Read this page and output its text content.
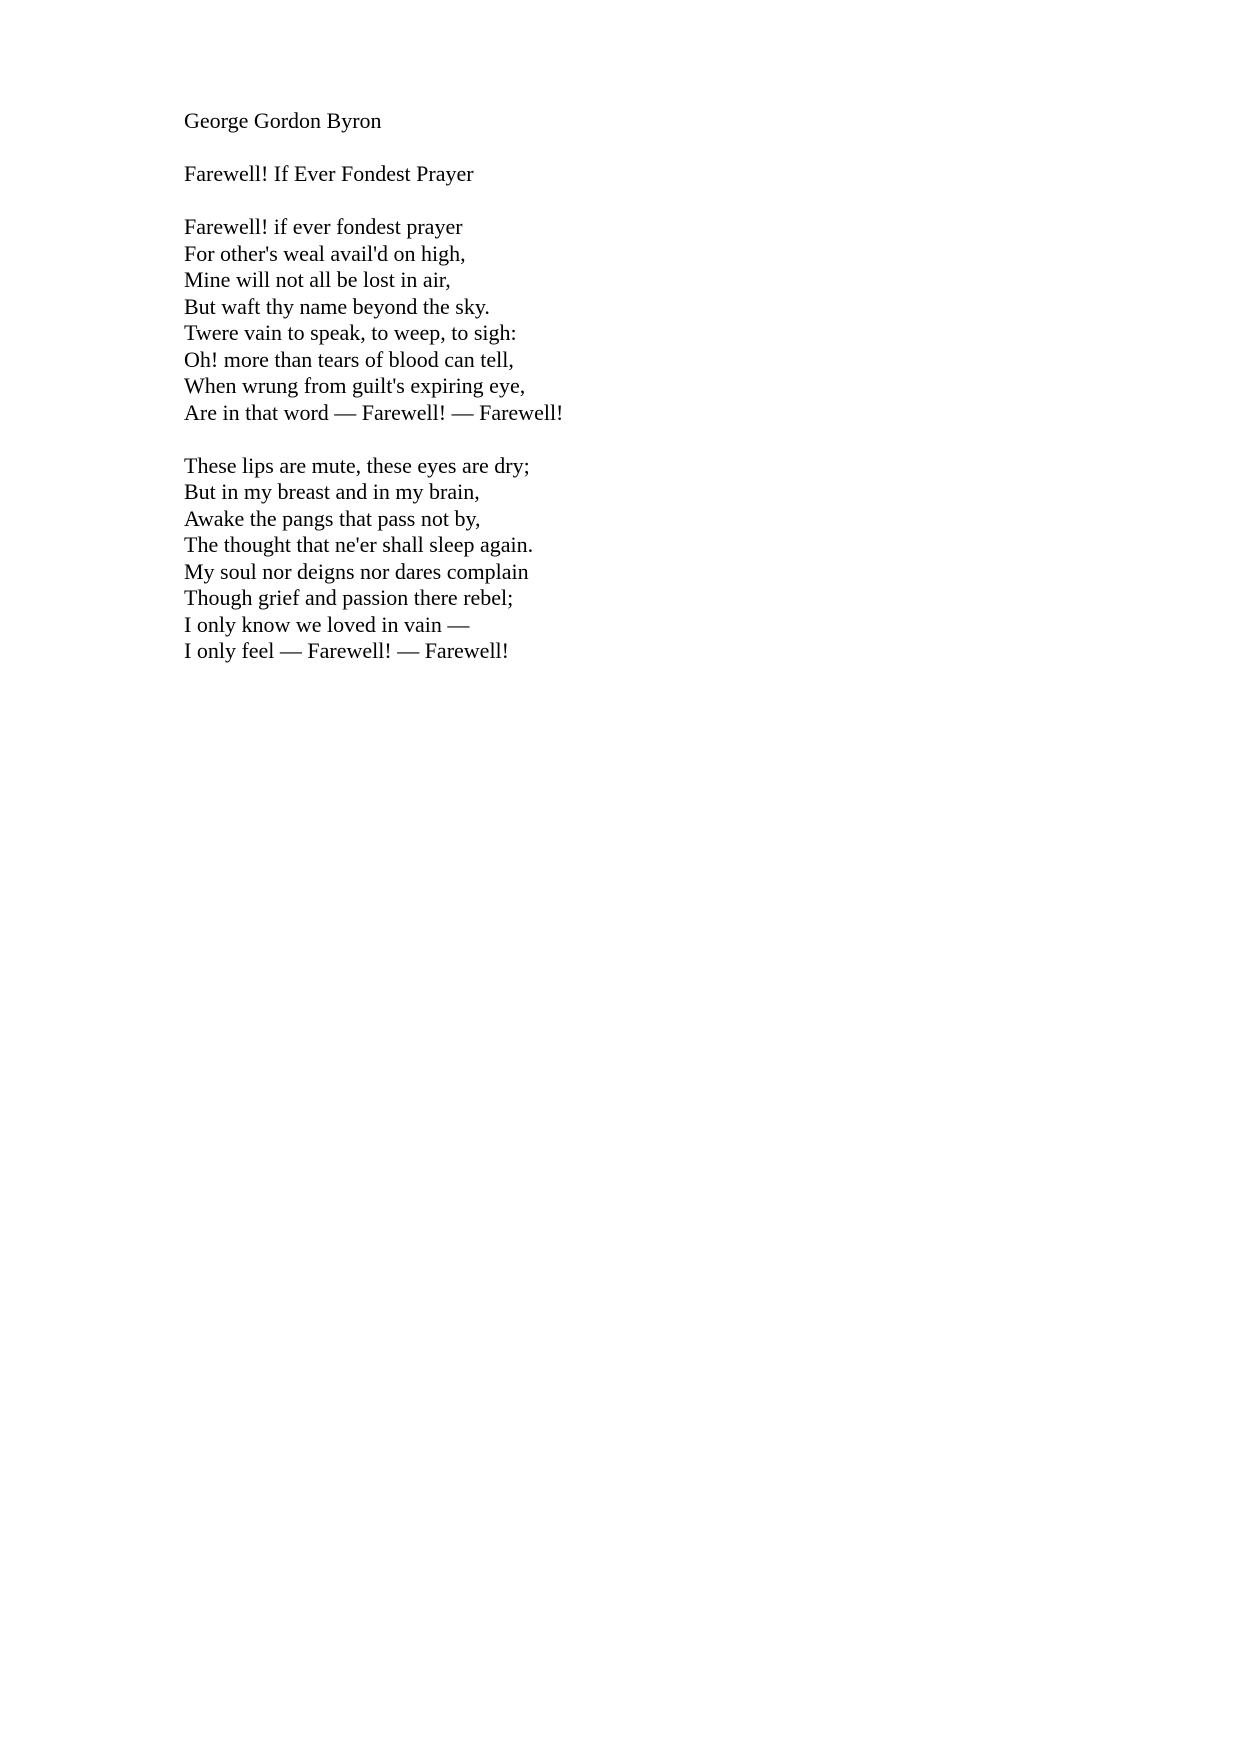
George Gordon Byron
Farewell! If Ever Fondest Prayer
Farewell! if ever fondest prayer
For other's weal avail'd on high,
Mine will not all be lost in air,
But waft thy name beyond the sky.
Twere vain to speak, to weep, to sigh:
Oh! more than tears of blood can tell,
When wrung from guilt's expiring eye,
Are in that word — Farewell! — Farewell!
These lips are mute, these eyes are dry;
But in my breast and in my brain,
Awake the pangs that pass not by,
The thought that ne'er shall sleep again.
My soul nor deigns nor dares complain
Though grief and passion there rebel;
I only know we loved in vain —
I only feel — Farewell! — Farewell!
